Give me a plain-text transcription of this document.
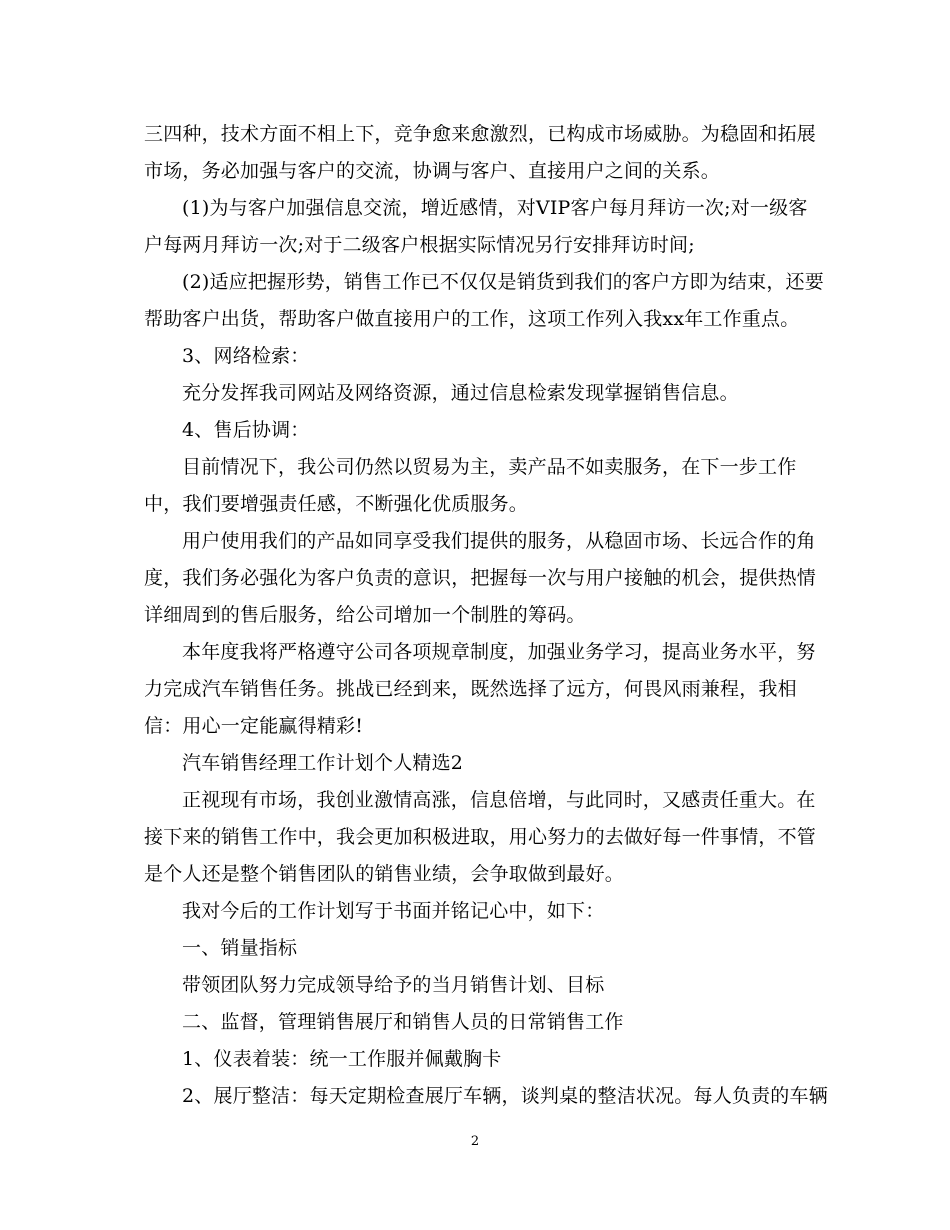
三四种，技术方面不相上下，竞争愈来愈激烈，已构成市场威胁。为稳固和拓展
市场，务必加强与客户的交流，协调与客户、直接用户之间的关系。
(1)为与客户加强信息交流，增近感情，对VIP客户每月拜访一次;对一级客
户每两月拜访一次;对于二级客户根据实际情况另行安排拜访时间;
(2)适应把握形势，销售工作已不仅仅是销货到我们的客户方即为结束，还要
帮助客户出货，帮助客户做直接用户的工作，这项工作列入我xx年工作重点。
3、网络检索：
充分发挥我司网站及网络资源，通过信息检索发现掌握销售信息。
4、售后协调：
目前情况下，我公司仍然以贸易为主，卖产品不如卖服务，在下一步工作
中，我们要增强责任感，不断强化优质服务。
用户使用我们的产品如同享受我们提供的服务，从稳固市场、长远合作的角
度，我们务必强化为客户负责的意识，把握每一次与用户接触的机会，提供热情
详细周到的售后服务，给公司增加一个制胜的筹码。
本年度我将严格遵守公司各项规章制度，加强业务学习，提高业务水平，努
力完成汽车销售任务。挑战已经到来，既然选择了远方，何畏风雨兼程，我相
信：用心一定能赢得精彩!
汽车销售经理工作计划个人精选2
正视现有市场，我创业激情高涨，信息倍增，与此同时，又感责任重大。在
接下来的销售工作中，我会更加积极进取，用心努力的去做好每一件事情，不管
是个人还是整个销售团队的销售业绩，会争取做到最好。
我对今后的工作计划写于书面并铭记心中，如下：
一、销量指标
带领团队努力完成领导给予的当月销售计划、目标
二、监督，管理销售展厅和销售人员的日常销售工作
1、仪表着装：统一工作服并佩戴胸卡
2、展厅整洁：每天定期检查展厅车辆，谈判桌的整洁状况。每人负责的车辆
2
